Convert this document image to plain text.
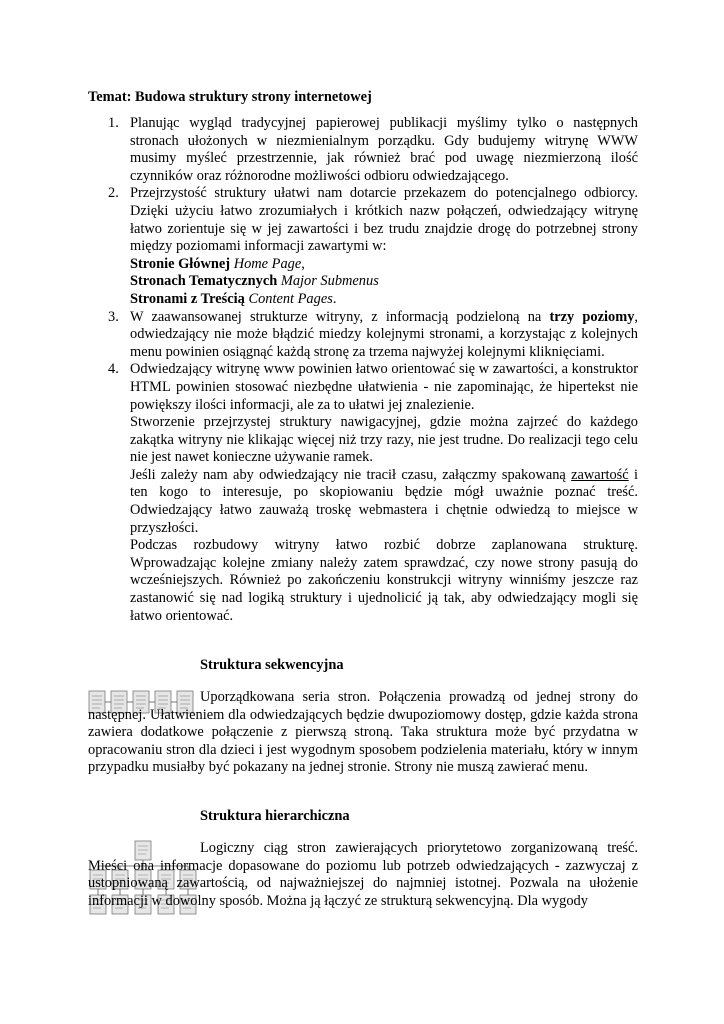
Temat: Budowa struktury strony internetowej
1. Planując wygląd tradycyjnej papierowej publikacji myślimy tylko o następnych stronach ułożonych w niezmienialnym porządku. Gdy budujemy witrynę WWW musimy myśleć przestrzennie, jak również brać pod uwagę niezmierzoną ilość czynników oraz różnorodne możliwości odbioru odwiedzającego.

2. Przejrzystość struktury ułatwi nam dotarcie przekazem do potencjalnego odbiorcy. Dzięki użyciu łatwo zrozumiałych i krótkich nazw połączeń, odwiedzający witrynę łatwo zorientuje się w jej zawartości i bez trudu znajdzie drogę do potrzebnej strony między poziomami informacji zawartymi w:

Stronie Głównej Home Page,

Stronach Tematycznych Major Submenus

Stronami z Treścią Content Pages.

3. W zaawansowanej strukturze witryny, z informacją podzieloną na trzy poziomy, odwiedzający nie może błądzić miedzy kolejnymi stronami, a korzystając z kolejnych menu powinien osiągnąć każdą stronę za trzema najwyżej kolejnymi kliknięciami.

4. Odwiedzający witrynę www powinien łatwo orientować się w zawartości, a konstruktor HTML powinien stosować niezbędne ułatwienia - nie zapominając, że hipertekst nie powiększy ilości informacji, ale za to ułatwi jej znalezienie.

Stworzenie przejrzystej struktury nawigacyjnej, gdzie można zajrzeć do każdego zakątka witryny nie klikając więcej niż trzy razy, nie jest trudne. Do realizacji tego celu nie jest nawet konieczne używanie ramek.

Jeśli zależy nam aby odwiedzający nie tracił czasu, załączmy spakowaną zawartość i ten kogo to interesuje, po skopiowaniu będzie mógł uważnie poznać treść. Odwiedzający łatwo zauważą troskę webmastera i chętnie odwiedzą to miejsce w przyszłości.

Podczas rozbudowy witryny łatwo rozbić dobrze zaplanowana strukturę. Wprowadzając kolejne zmiany należy zatem sprawdzać, czy nowe strony pasują do wcześniejszych. Również po zakończeniu konstrukcji witryny winniśmy jeszcze raz zastanowić się nad logiką struktury i ujednolicić ją tak, aby odwiedzający mogli się łatwo orientować.

Struktura sekwencyjna

Uporządkowana seria stron. Połączenia prowadzą od jednej strony do następnej. Ułatwieniem dla odwiedzających będzie dwupoziomowy dostęp, gdzie każda strona zawiera dodatkowe połączenie z pierwszą stroną. Taka struktura może być przydatna w opracowaniu stron dla dzieci i jest wygodnym sposobem podzielenia materiału, który w innym przypadku musiałby być pokazany na jednej stronie. Strony nie muszą zawierać menu.

Struktura hierarchiczna

Logiczny ciąg stron zawierających priorytetowo zorganizowaną treść. Mieści ona informacje dopasowane do poziomu lub potrzeb odwiedzających - zazwyczaj z ustopniowaną zawartością, od najważniejszej do najmniej istotnej. Pozwala na ułożenie informacji w dowolny sposób. Można ją łączyć ze strukturą sekwencyjną. Dla wygody
